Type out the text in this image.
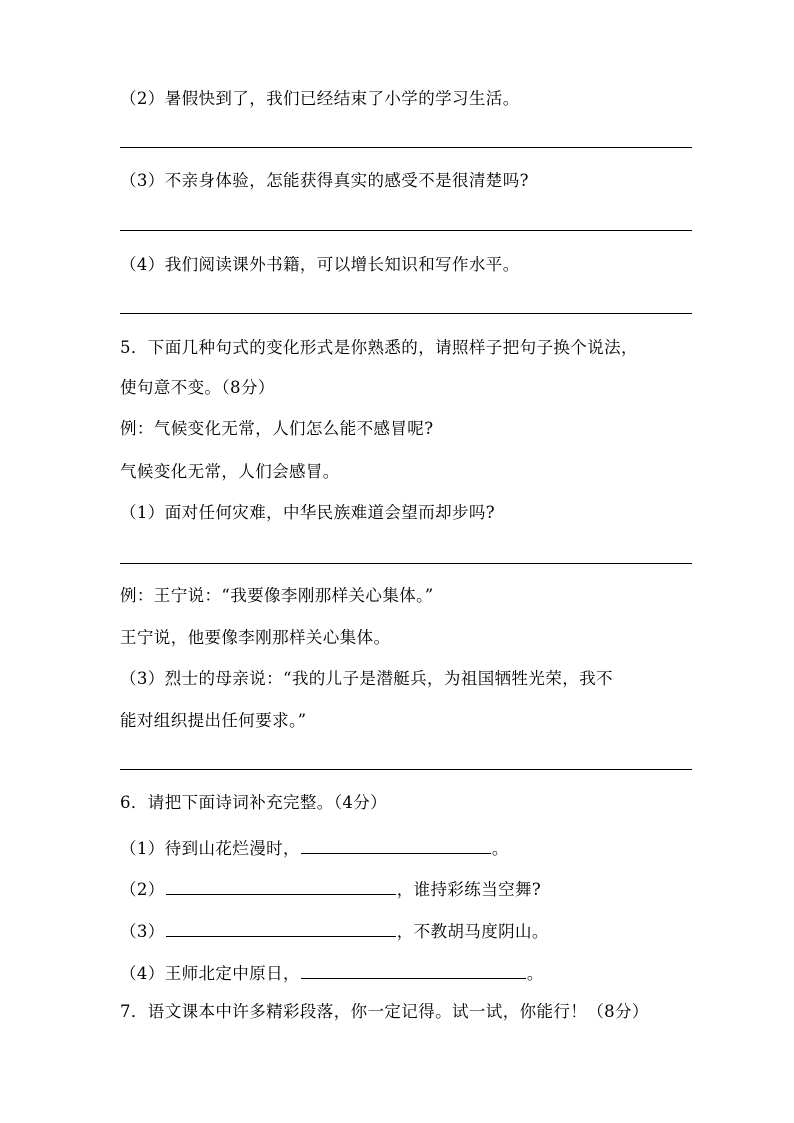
（2）暑假快到了，我们已经结束了小学的学习生活。
（3）不亲身体验，怎能获得真实的感受不是很清楚吗?
（4）我们阅读课外书籍，可以增长知识和写作水平。
5．下面几种句式的变化形式是你熟悉的，请照样子把句子换个说法，
使句意不变。（8分）
例：气候变化无常，人们怎么能不感冒呢?
气候变化无常，人们会感冒。
（1）面对任何灾难，中华民族难道会望而却步吗?
例：王宁说：“我要像李刚那样关心集体。”
王宁说，他要像李刚那样关心集体。
（3）烈士的母亲说：“我的儿子是潜艇兵，为祖国牺牲光荣，我不
能对组织提出任何要求。”
6．请把下面诗词补充完整。（4分）
（1）待到山花烂漫时，	。
（2）	，谁持彩练当空舞?
（3）	，不教胡马度阴山。
（4）王师北定中原日，	。
7．语文课本中许多精彩段落，你一定记得。试一试，你能行！（8分）
